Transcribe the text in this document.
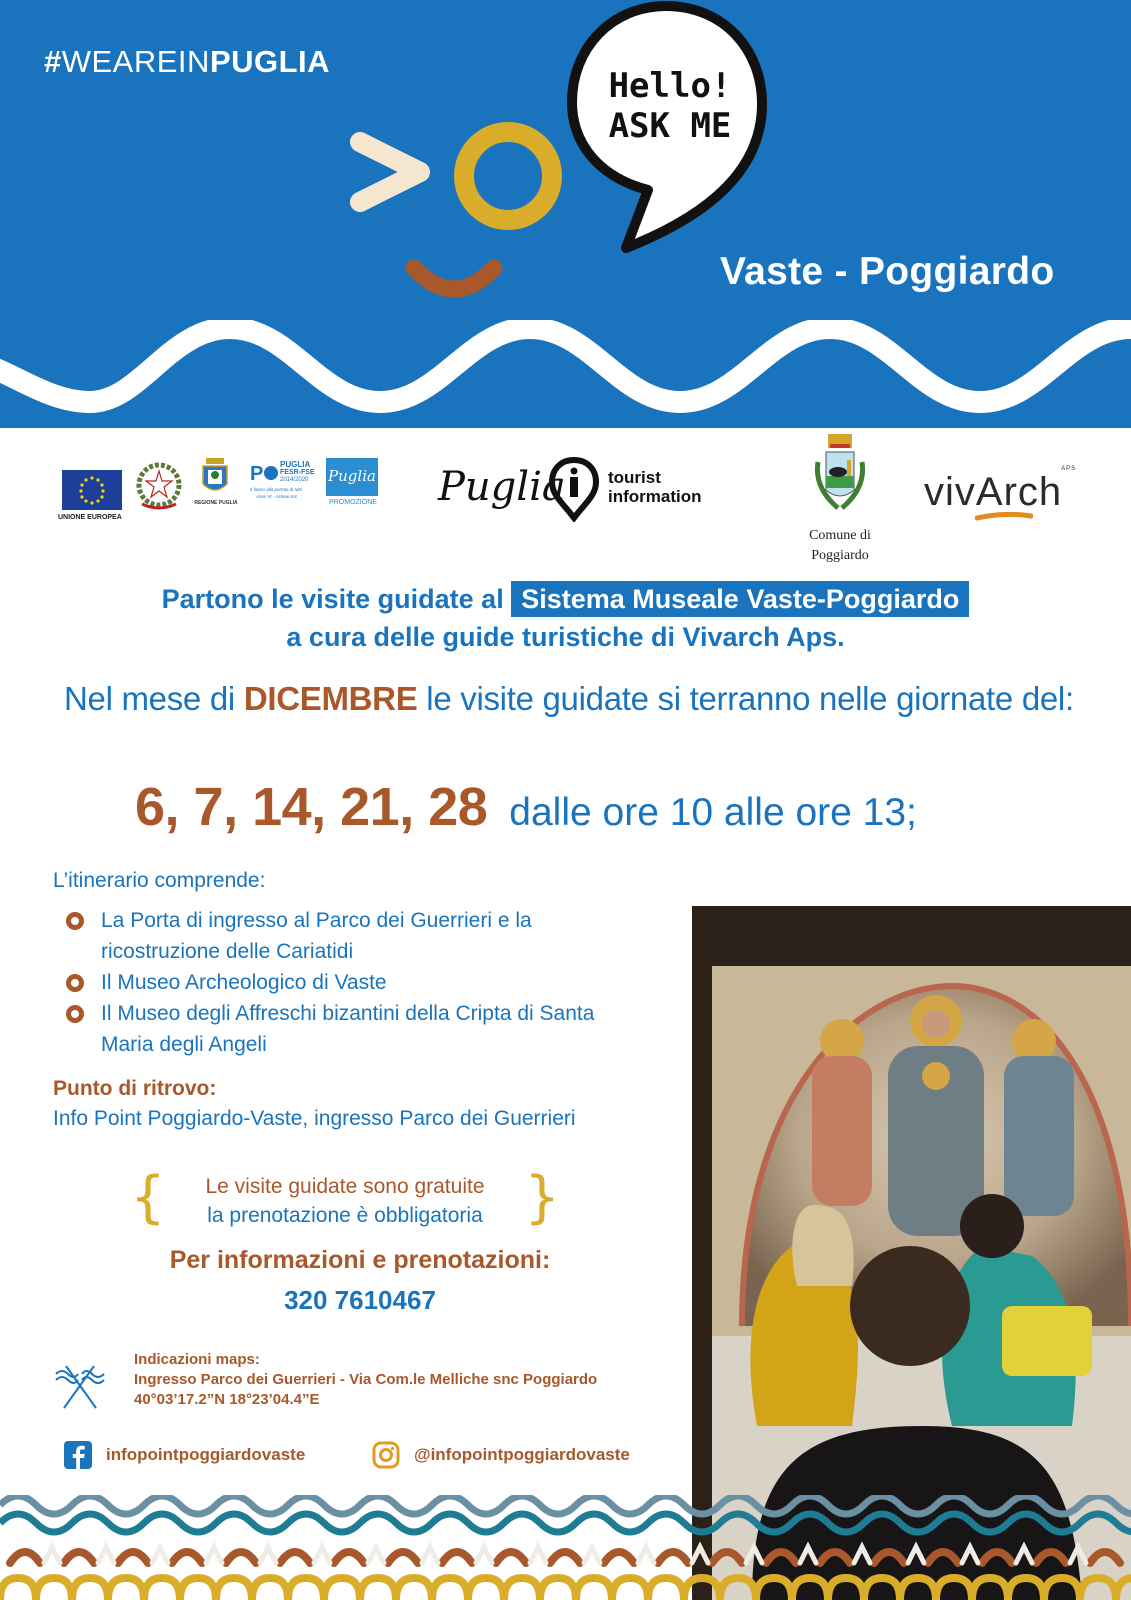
#WEAREINPUGLIA
Hello!
ASK ME
Vaste - Poggiardo
UNIONE EUROPEA
REGIONE PUGLIA
P PUGLIA
FESR-FSE
2014/2020
Il futuro alla portata di tutti
Asse VI - Azione 6.8
Puglia
PROMOZIONE Puglia tourist
information
Comune di
Poggiardo
vivArch
APS
Partono le visite guidate al Sistema Museale Vaste-Poggiardo
a cura delle guide turistiche di Vivarch Aps.
Nel mese di DICEMBRE le visite guidate si terranno nelle giornate del:
6, 7, 14, 21, 28 dalle ore 10 alle ore 13;
L’itinerario comprende:
La Porta di ingresso al Parco dei Guerrieri e la ricostruzione delle Cariatidi
Il Museo Archeologico di Vaste
Il Museo degli Affreschi bizantini della Cripta di Santa Maria degli Angeli
Punto di ritrovo:
Info Point Poggiardo-Vaste, ingresso Parco dei Guerrieri
{	Le visite guidate sono gratuite
la prenotazione è obbligatoria }
Per informazioni e prenotazioni:
320 7610467
Indicazioni maps:
Ingresso Parco dei Guerrieri - Via Com.le Melliche snc Poggiardo
40°03’17.2”N 18°23’04.4”E
infopointpoggiardovaste	@infopointpoggiardovaste
